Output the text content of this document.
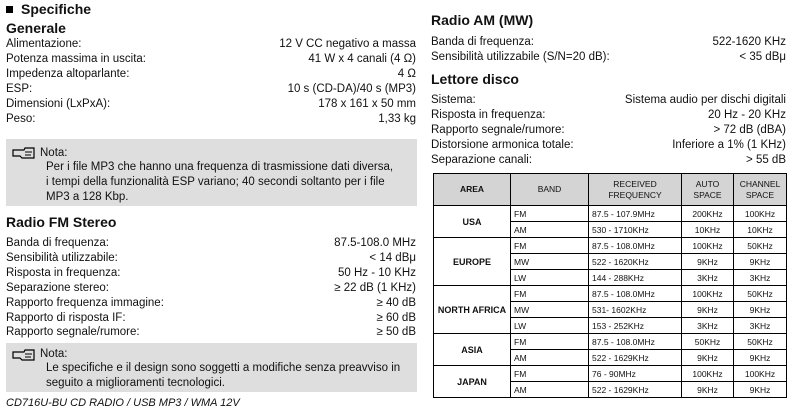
Specifiche
Generale
Alimentazione:	12 V CC negativo a massa
Potenza massima in uscita:	41 W x 4 canali (4 Ω)
Impedenza altoparlante:	4 Ω
ESP:	10 s (CD-DA)/40 s (MP3)
Dimensioni (LxPxA):	178 x 161 x 50 mm
Peso:	1,33 kg
Nota:
Per i file MP3 che hanno una frequenza di trasmissione dati diversa,
i tempi della funzionalità ESP variano; 40 secondi soltanto per i file
MP3 a 128 Kbp.
Radio FM Stereo
Banda di frequenza:	87.5-108.0 MHz
Sensibilità utilizzabile:	< 14 dBμ
Risposta in frequenza:	50 Hz - 10 KHz
Separazione stereo:	≥ 22 dB (1 KHz)
Rapporto frequenza immagine:	≥ 40 dB
Rapporto di risposta IF:	≥ 60 dB
Rapporto segnale/rumore:	≥ 50 dB
Nota:
Le specifiche e il design sono soggetti a modifiche senza preavviso in
seguito a miglioramenti tecnologici.
CD716U-BU CD RADIO / USB MP3 / WMA 12V
Radio AM (MW)
Banda di frequenza:	522-1620 KHz
Sensibilità utilizzabile (S/N=20 dB):	< 35 dBμ
Lettore disco
Sistema:	Sistema audio per dischi digitali
Risposta in frequenza:	20 Hz - 20 KHz
Rapporto segnale/rumore:	> 72 dB (dBA)
Distorsione armonica totale:	Inferiore a 1% (1 KHz)
Separazione canali:	> 55 dB
AREA	BAND	RECEIVED FREQUENCY	AUTO SPACE	CHANNEL SPACE
USA	FM	87.5 - 107.9MHz	200KHz	100KHz
	AM	530 - 1710KHz	10KHz	10KHz
EUROPE	FM	87.5 - 108.0MHz	100KHz	50KHz
	MW	522 - 1620KHz	9KHz	9KHz
	LW	144 - 288KHz	3KHz	3KHz
NORTH AFRICA	FM	87.5 - 108.0MHz	100KHz	50KHz
	MW	531- 1602KHz	9KHz	9KHz
	LW	153 - 252KHz	3KHz	3KHz
ASIA	FM	87.5 - 108.0MHz	50KHz	50KHz
	AM	522 - 1629KHz	9KHz	9KHz
JAPAN	FM	76 - 90MHz	100KHz	100KHz
	AM	522 - 1629KHz	9KHz	9KHz
